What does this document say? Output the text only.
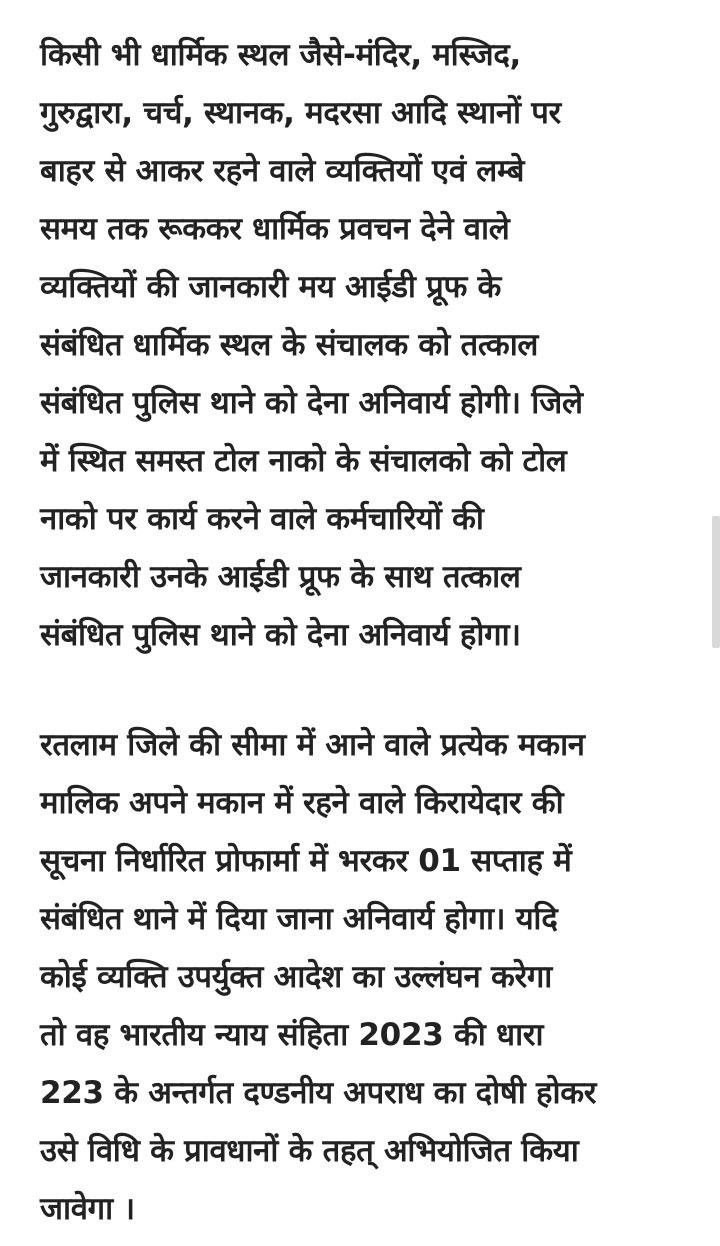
किसी भी धार्मिक स्थल जैसे-मंदिर, मस्जिद,
गुरुद्वारा, चर्च, स्थानक, मदरसा आदि स्थानों पर
बाहर से आकर रहने वाले व्यक्तियों एवं लम्बे
समय तक रूककर धार्मिक प्रवचन देने वाले
व्यक्तियों की जानकारी मय आईडी प्रूफ के
संबंधित धार्मिक स्थल के संचालक को तत्काल
संबंधित पुलिस थाने को देना अनिवार्य होगी। जिले
में स्थित समस्त टोल नाको के संचालको को टोल
नाको पर कार्य करने वाले कर्मचारियों की
जानकारी उनके आईडी प्रूफ के साथ तत्काल
संबंधित पुलिस थाने को देना अनिवार्य होगा।

रतलाम जिले की सीमा में आने वाले प्रत्येक मकान
मालिक अपने मकान में रहने वाले किरायेदार की
सूचना निर्धारित प्रोफार्मा में भरकर 01 सप्ताह में
संबंधित थाने में दिया जाना अनिवार्य होगा। यदि
कोई व्यक्ति उपर्युक्त आदेश का उल्लंघन करेगा
तो वह भारतीय न्याय संहिता 2023 की धारा
223 के अन्तर्गत दण्डनीय अपराध का दोषी होकर
उसे विधि के प्रावधानों के तहत् अभियोजित किया
जावेगा ।
